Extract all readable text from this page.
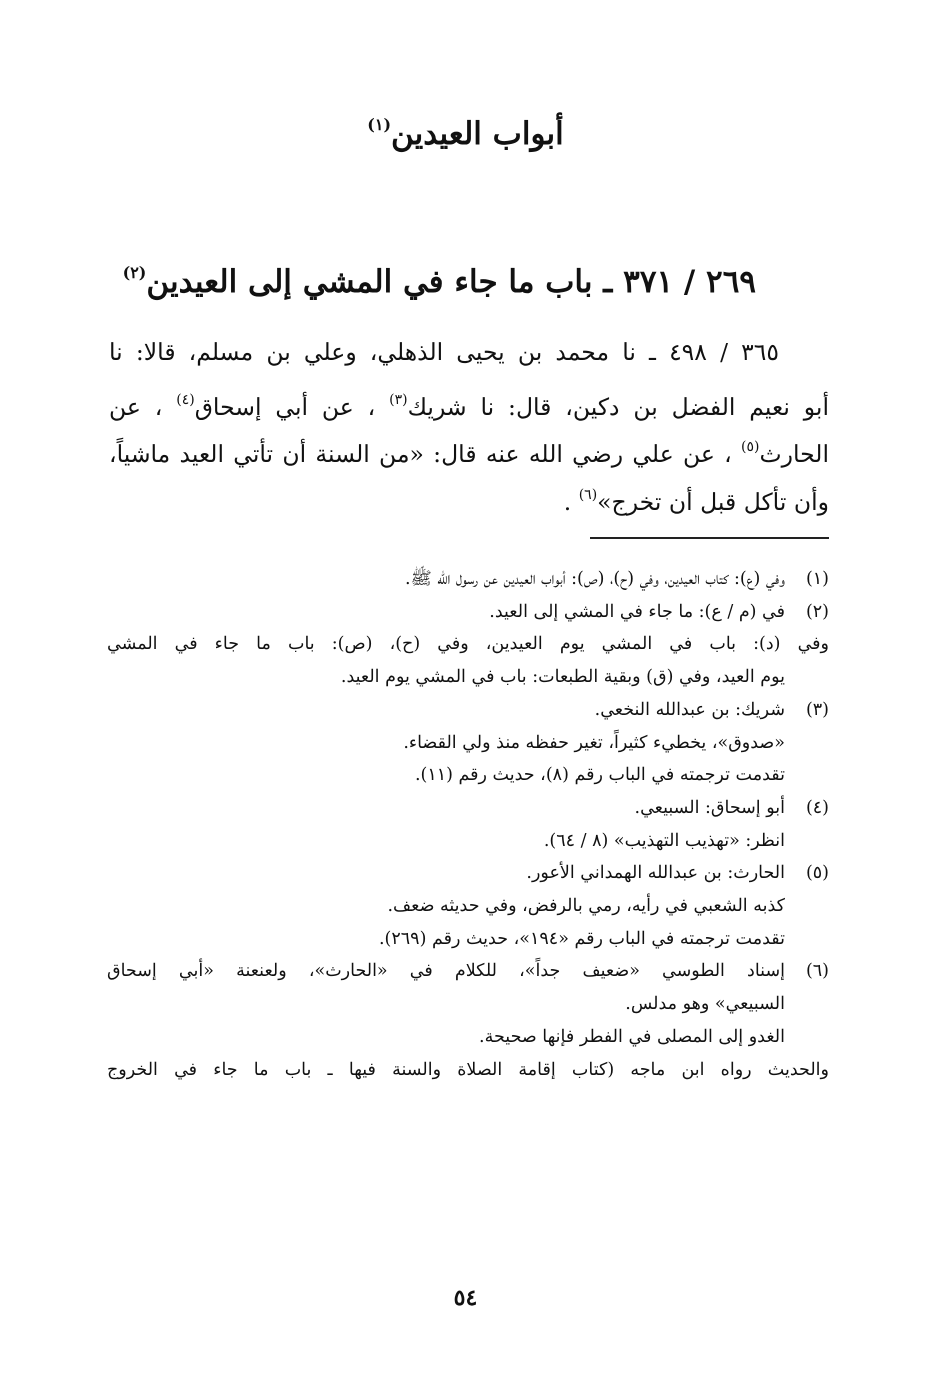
أبواب العيدين$^{(١)}$
٢٦٩ / ٣٧١ ـ باب ما جاء في المشي إلى العيدين$^{(٢)}$
٣٦٥ / ٤٩٨ ـ نا محمد بن يحيى الذهلي، وعلي بن مسلم، قالا: نا
أبو نعيم الفضل بن دكين، قال: نا شريك$^{(٣)}$ ، عن أبي إسحاق$^{(٤)}$ ، عن
الحارث$^{(٥)}$ ، عن علي رضي الله عنه قال: «من السنة أن تأتي العيد ماشياً،
وأن تأكل قبل أن تخرج»$^{(٦)}$ .
(١)
وفي (ع): كتاب العيدين، وفي (ح)، (ص): أبواب العيدين عن رسول الله ﷺ.
(٢)
في (م / ع): ما جاء في المشي إلى العيد.
وفي (د): باب في المشي يوم العيدين، وفي (ح)، (ص): باب ما جاء في المشي
يوم العيد، وفي (ق) وبقية الطبعات: باب في المشي يوم العيد.
(٣)
شريك: بن عبدالله النخعي.
«صدوق»، يخطيء كثيراً، تغير حفظه منذ ولي القضاء.
تقدمت ترجمته في الباب رقم (٨)، حديث رقم (١١).
(٤)
أبو إسحاق: السبيعي.
انظر: «تهذيب التهذيب» (٨ / ٦٤).
(٥)
الحارث: بن عبدالله الهمداني الأعور.
كذبه الشعبي في رأيه، رمي بالرفض، وفي حديثه ضعف.
تقدمت ترجمته في الباب رقم «١٩٤»، حديث رقم (٢٦٩).
(٦)
إسناد الطوسي «ضعيف جداً»، للكلام في «الحارث»، ولعنعنة «أبي إسحاق
السبيعي» وهو مدلس.
الغدو إلى المصلى في الفطر فإنها صحيحة.
والحديث رواه ابن ماجه (كتاب إقامة الصلاة والسنة فيها ـ باب ما جاء في الخروج
٥٤
